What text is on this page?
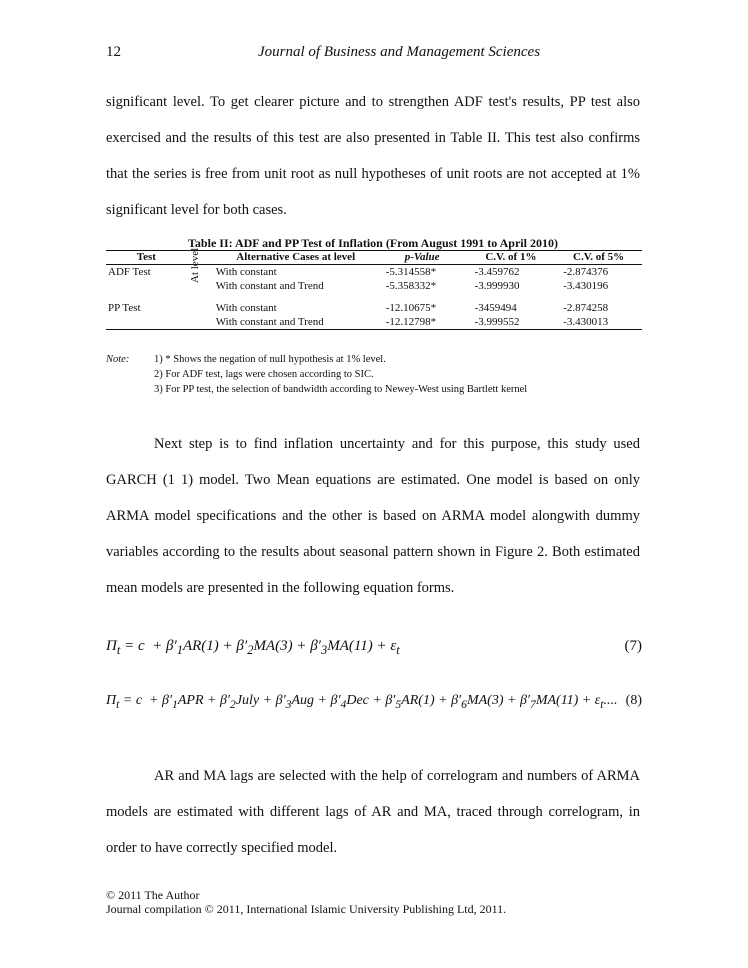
12	Journal of Business and Management Sciences

significant level. To get clearer picture and to strengthen ADF test's results, PP test also exercised and the results of this test are also presented in Table II. This test also confirms that the series is free from unit root as null hypotheses of unit roots are not accepted at 1% significant level for both cases.

Table II: ADF and PP Test of Inflation (From August 1991 to April 2010)
Test		Alternative Cases at level	p-Value	C.V. of 1%	C.V. of 5%
ADF Test		With constant	-5.314558*	-3.459762	-2.874376
		With constant and Trend	-5.358332*	-3.999930	-3.430196
PP Test		With constant	-12.10675*	-3459494	-2.874258
		With constant and Trend	-12.12798*	-3.999552	-3.430013
At level
Note: 1) * Shows the negation of null hypothesis at 1% level.
2) For ADF test, lags were chosen according to SIC.
3) For PP test, the selection of bandwidth according to Newey-West using Bartlett kernel

Next step is to find inflation uncertainty and for this purpose, this study used GARCH (1 1) model. Two Mean equations are estimated. One model is based on only ARMA model specifications and the other is based on ARMA model alongwith dummy variables according to the results about seasonal pattern shown in Figure 2. Both estimated mean models are presented in the following equation forms.

$\Pi_t = c + \beta'_1AR(1) + \beta'_2MA(3) + \beta'_3MA(11) + \varepsilon_t$	(7)
$\Pi_t = c + \beta'_1APR$ + $\beta'_2July + \beta'_3Aug + \beta'_4Dec + \beta'_5AR(1) + \beta'_6MA(3) + \beta'_7MA(11) + \varepsilon_t$.... (8)

AR and MA lags are selected with the help of correlogram and numbers of ARMA models are estimated with different lags of AR and MA, traced through correlogram, in order to have correctly specified model.

© 2011 The Author
Journal compilation © 2011, International Islamic University Publishing Ltd, 2011.
